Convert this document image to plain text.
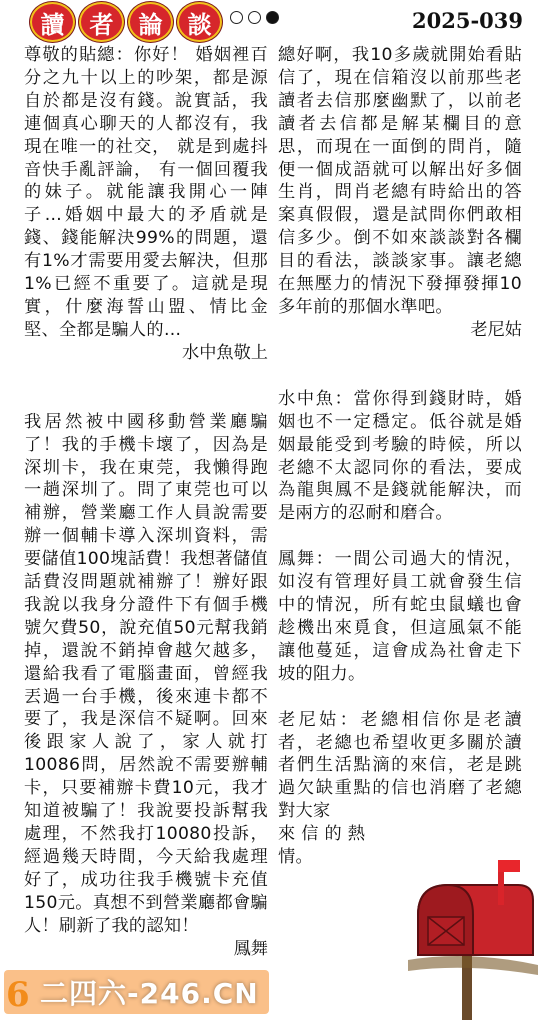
讀	者	論	談	2025-039

尊敬的貼總：你好！ 婚姻裡百分之九十以上的吵架，都是源自於都是沒有錢。說實話，我連個真心聊天的人都沒有，我現在唯一的社交， 就是到處抖音快手亂評論， 有一個回覆我的妹子。就能讓我開心一陣子…婚姻中最大的矛盾就是錢、錢能解決99%的問題，還有1%才需要用愛去解決，但那1%已經不重要了。這就是現實，什麼海誓山盟、情比金堅、全都是騙人的…

水中魚敬上

我居然被中國移動營業廳騙了！我的手機卡壞了，因為是深圳卡，我在東莞，我懶得跑一趟深圳了。問了東莞也可以補辦，營業廳工作人員說需要辦一個輔卡導入深圳資料，需要儲值100塊話費！我想著儲值話費沒問題就補辦了！辦好跟我說以我身分證件下有個手機號欠費50，說充值50元幫我銷掉，還說不銷掉會越欠越多，還給我看了電腦畫面，曾經我丟過一台手機，後來連卡都不要了，我是深信不疑啊。回來後跟家人說了，家人就打10086問，居然說不需要辦輔卡，只要補辦卡費10元，我才知道被騙了！我說要投訴幫我處理，不然我打10080投訴，經過幾天時間，今天給我處理好了，成功往我手機號卡充值150元。真想不到營業廳都會騙人！刷新了我的認知！

鳳舞

總好啊，我10多歲就開始看貼信了，現在信箱沒以前那些老讀者去信那麼幽默了，以前老讀者去信都是解某欄目的意思，而現在一面倒的問肖，隨便一個成語就可以解出好多個生肖，問肖老總有時給出的答案真假假，還是試問你們敢相信多少。倒不如來談談對各欄目的看法，談談家事。讓老總在無壓力的情況下發揮發揮10多年前的那個水準吧。

老尼姑

水中魚：當你得到錢財時，婚姻也不一定穩定。低谷就是婚姻最能受到考驗的時候，所以老總不太認同你的看法，要成為龍與鳳不是錢就能解決，而是兩方的忍耐和磨合。

鳳舞：一間公司過大的情況，如沒有管理好員工就會發生信中的情況，所有蛇虫鼠蟻也會趁機出來覓食，但這風氣不能讓他蔓延，這會成為社會走下坡的阻力。

老尼姑：老總相信你是老讀者，老總也希望收更多關於讀者們生活點滴的來信，老是跳過欠缺重點的信也消磨了老總對大家

來 信 的 熱

情。

二四六-246.CN
6
